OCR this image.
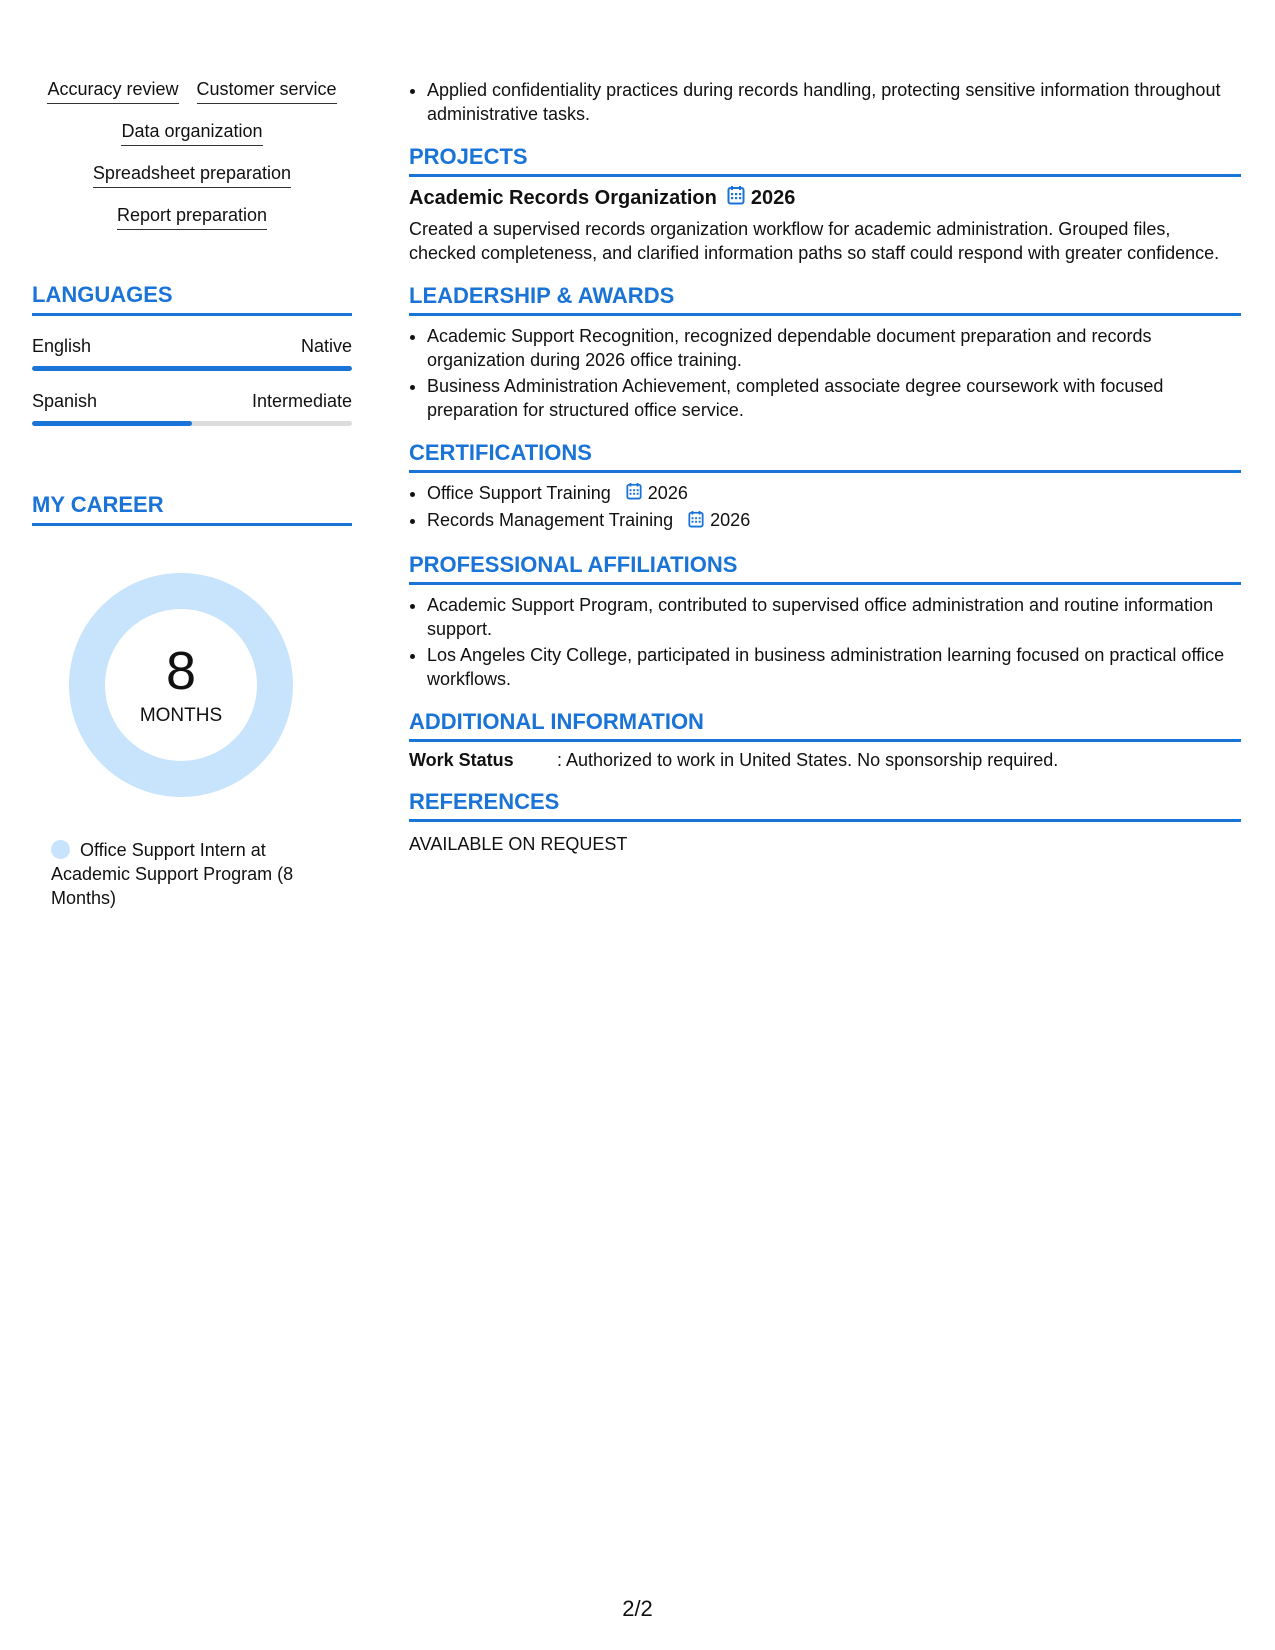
Accuracy review Customer service
Data organization
Spreadsheet preparation
Report preparation
LANGUAGES
English	Native
Spanish	Intermediate
MY CAREER
8
MONTHS
Office Support Intern at Academic Support Program (8 Months)
• Applied confidentiality practices during records handling, protecting sensitive information throughout administrative tasks.
PROJECTS
Academic Records Organization 2026
Created a supervised records organization workflow for academic administration. Grouped files, checked completeness, and clarified information paths so staff could respond with greater confidence.
LEADERSHIP & AWARDS
• Academic Support Recognition, recognized dependable document preparation and records organization during 2026 office training.
• Business Administration Achievement, completed associate degree coursework with focused preparation for structured office service.
CERTIFICATIONS
• Office Support Training 2026
• Records Management Training 2026
PROFESSIONAL AFFILIATIONS
• Academic Support Program, contributed to supervised office administration and routine information support.
• Los Angeles City College, participated in business administration learning focused on practical office workflows.
ADDITIONAL INFORMATION
Work Status	: Authorized to work in United States. No sponsorship required.
REFERENCES
AVAILABLE ON REQUEST
2/2
